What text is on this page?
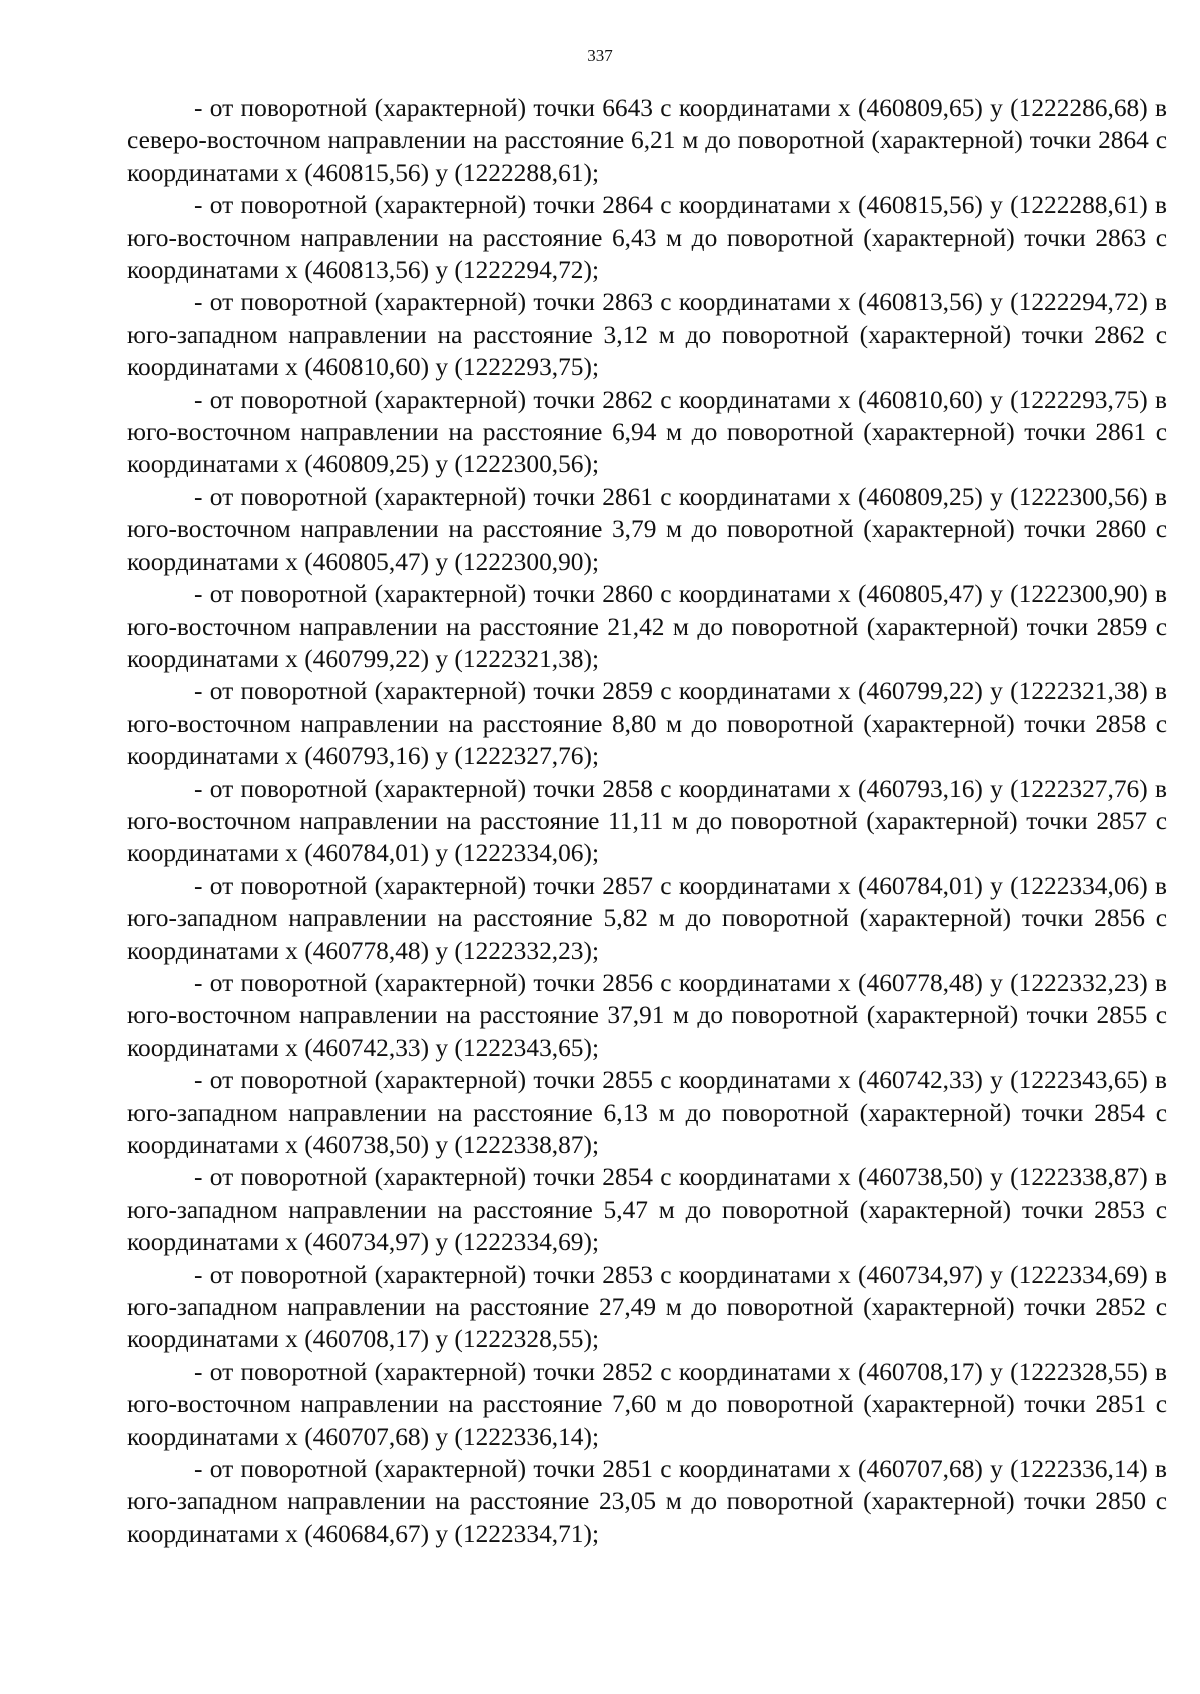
337

- от поворотной (характерной) точки 6643 с координатами x (460809,65) y (1222286,68) в северо-восточном направлении на расстояние 6,21 м до поворотной (характерной) точки 2864 с координатами x (460815,56) y (1222288,61);

- от поворотной (характерной) точки 2864 с координатами x (460815,56) y (1222288,61) в юго-восточном направлении на расстояние 6,43 м до поворотной (характерной) точки 2863 с координатами x (460813,56) y (1222294,72);

- от поворотной (характерной) точки 2863 с координатами x (460813,56) y (1222294,72) в юго-западном направлении на расстояние 3,12 м до поворотной (характерной) точки 2862 с координатами x (460810,60) y (1222293,75);

- от поворотной (характерной) точки 2862 с координатами x (460810,60) y (1222293,75) в юго-восточном направлении на расстояние 6,94 м до поворотной (характерной) точки 2861 с координатами x (460809,25) y (1222300,56);

- от поворотной (характерной) точки 2861 с координатами x (460809,25) y (1222300,56) в юго-восточном направлении на расстояние 3,79 м до поворотной (характерной) точки 2860 с координатами x (460805,47) y (1222300,90);

- от поворотной (характерной) точки 2860 с координатами x (460805,47) y (1222300,90) в юго-восточном направлении на расстояние 21,42 м до поворотной (характерной) точки 2859 с координатами x (460799,22) y (1222321,38);

- от поворотной (характерной) точки 2859 с координатами x (460799,22) y (1222321,38) в юго-восточном направлении на расстояние 8,80 м до поворотной (характерной) точки 2858 с координатами x (460793,16) y (1222327,76);

- от поворотной (характерной) точки 2858 с координатами x (460793,16) y (1222327,76) в юго-восточном направлении на расстояние 11,11 м до поворотной (характерной) точки 2857 с координатами x (460784,01) y (1222334,06);

- от поворотной (характерной) точки 2857 с координатами x (460784,01) y (1222334,06) в юго-западном направлении на расстояние 5,82 м до поворотной (характерной) точки 2856 с координатами x (460778,48) y (1222332,23);

- от поворотной (характерной) точки 2856 с координатами x (460778,48) y (1222332,23) в юго-восточном направлении на расстояние 37,91 м до поворотной (характерной) точки 2855 с координатами x (460742,33) y (1222343,65);

- от поворотной (характерной) точки 2855 с координатами x (460742,33) y (1222343,65) в юго-западном направлении на расстояние 6,13 м до поворотной (характерной) точки 2854 с координатами x (460738,50) y (1222338,87);

- от поворотной (характерной) точки 2854 с координатами x (460738,50) y (1222338,87) в юго-западном направлении на расстояние 5,47 м до поворотной (характерной) точки 2853 с координатами x (460734,97) y (1222334,69);

- от поворотной (характерной) точки 2853 с координатами x (460734,97) y (1222334,69) в юго-западном направлении на расстояние 27,49 м до поворотной (характерной) точки 2852 с координатами x (460708,17) y (1222328,55);

- от поворотной (характерной) точки 2852 с координатами x (460708,17) y (1222328,55) в юго-восточном направлении на расстояние 7,60 м до поворотной (характерной) точки 2851 с координатами x (460707,68) y (1222336,14);

- от поворотной (характерной) точки 2851 с координатами x (460707,68) y (1222336,14) в юго-западном направлении на расстояние 23,05 м до поворотной (характерной) точки 2850 с координатами x (460684,67) y (1222334,71);
